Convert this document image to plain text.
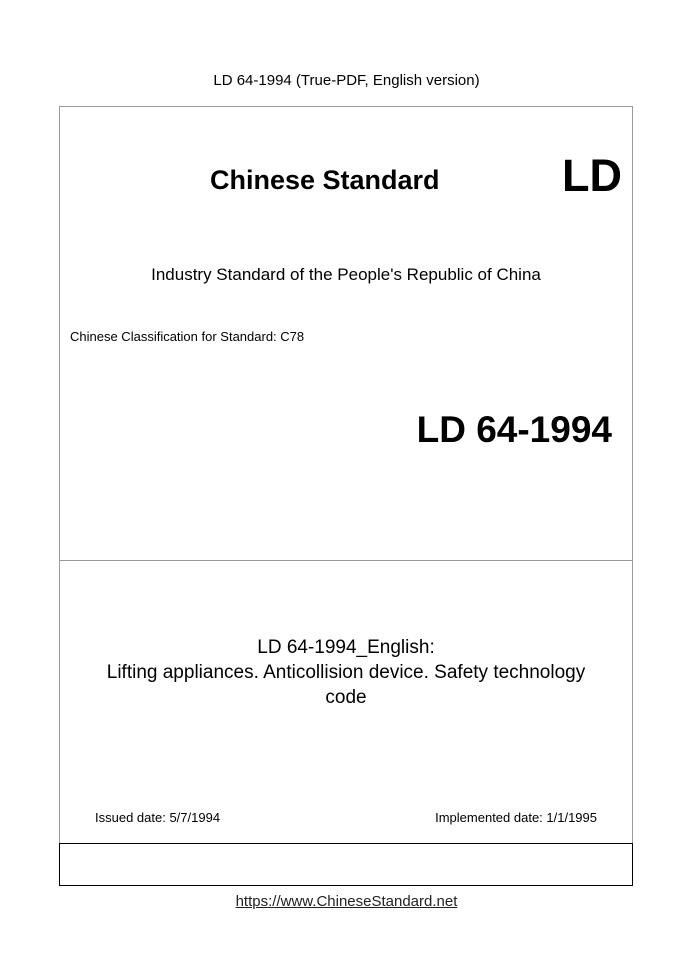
LD 64-1994 (True-PDF, English version)
Chinese Standard	LD
Industry Standard of the People's Republic of China
Chinese Classification for Standard: C78
LD 64-1994
LD 64-1994_English:
Lifting appliances. Anticollision device. Safety technology
code
Issued date: 5/7/1994	Implemented date: 1/1/1995
https://www.ChineseStandard.net
